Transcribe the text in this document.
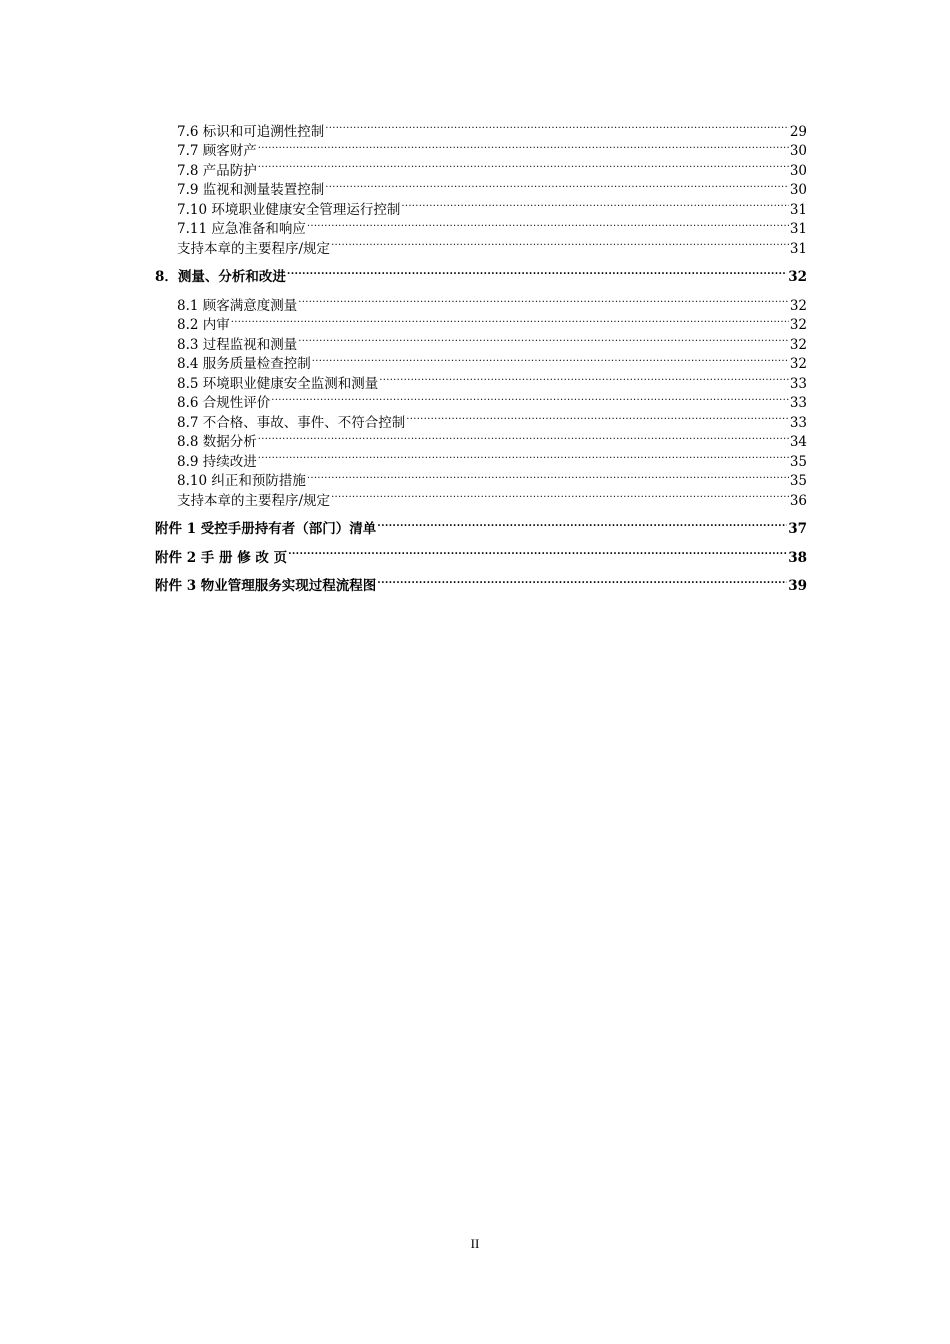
7.6 标识和可追溯性控制 .....	29
7.7 顾客财产 .....	30
7.8 产品防护 .....	30
7.9 监视和测量装置控制 .....	30
7.10 环境职业健康安全管理运行控制 .....	31
7.11 应急准备和响应 .....	31
支持本章的主要程序/规定 .....	31
8．测量、分析和改进 .....	32
8.1 顾客满意度测量 .....	32
8.2 内审 .....	32
8.3 过程监视和测量 .....	32
8.4 服务质量检查控制 .....	32
8.5 环境职业健康安全监测和测量 .....	33
8.6 合规性评价 .....	33
8.7 不合格、事故、事件、不符合控制 .....	33
8.8 数据分析 .....	34
8.9 持续改进 .....	35
8.10 纠正和预防措施 .....	35
支持本章的主要程序/规定 .....	36
附件 1 受控手册持有者（部门）清单 .....	37
附件 2 手 册 修 改 页 .....	38
附件 3 物业管理服务实现过程流程图 .....	39
II
